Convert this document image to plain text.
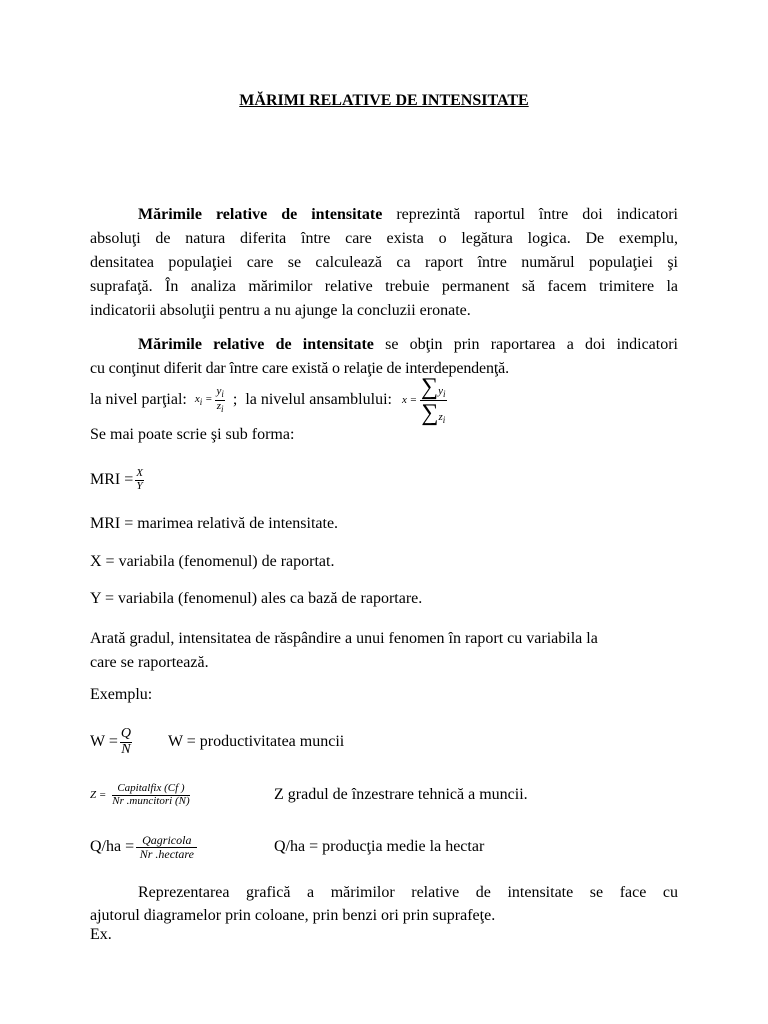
MĂRIMI RELATIVE DE INTENSITATE
Mărimile relative de intensitate reprezintă raportul între doi indicatori
absoluţi de natura diferita între care exista o legătura logica. De exemplu,
densitatea populaţiei care se calculează ca raport între numărul populaţiei şi
suprafaţă. În analiza mărimilor relative trebuie permanent să facem trimitere la
indicatorii absoluţii pentru a nu ajunge la concluzii eronate.
Mărimile relative de intensitate se obţin prin raportarea a doi indicatori
cu conţinut diferit dar între care există o relaţie de interdependenţă.
la nivel parţial: $x_i = \frac{y_i}{z_i}$ ; la nivelul ansamblului: $x = \frac{\sum y_i}{\sum z_i}$
Se mai poate scrie şi sub forma:
MRI = $\frac{X}{Y}$
MRI = marimea relativă de intensitate.
X = variabila (fenomenul) de raportat.
Y = variabila (fenomenul) ales ca bază de raportare.
Arată gradul, intensitatea de răspândire a unui fenomen în raport cu variabila la
care se raportează.
Exemplu:
$W = \frac{Q}{N}$ W = productivitatea muncii
$Z = \frac{\text{Capitalfix (Cf )}}{\text{Nr .muncitori (N)}}$	Z gradul de înzestrare tehnică a muncii.
$Q/ha = \frac{\text{Qagricola}}{\text{Nr .hectare}}$	Q/ha = producţia medie la hectar
Reprezentarea grafică a mărimilor relative de intensitate se face cu
ajutorul diagramelor prin coloane, prin benzi ori prin suprafeţe.
Ex.
